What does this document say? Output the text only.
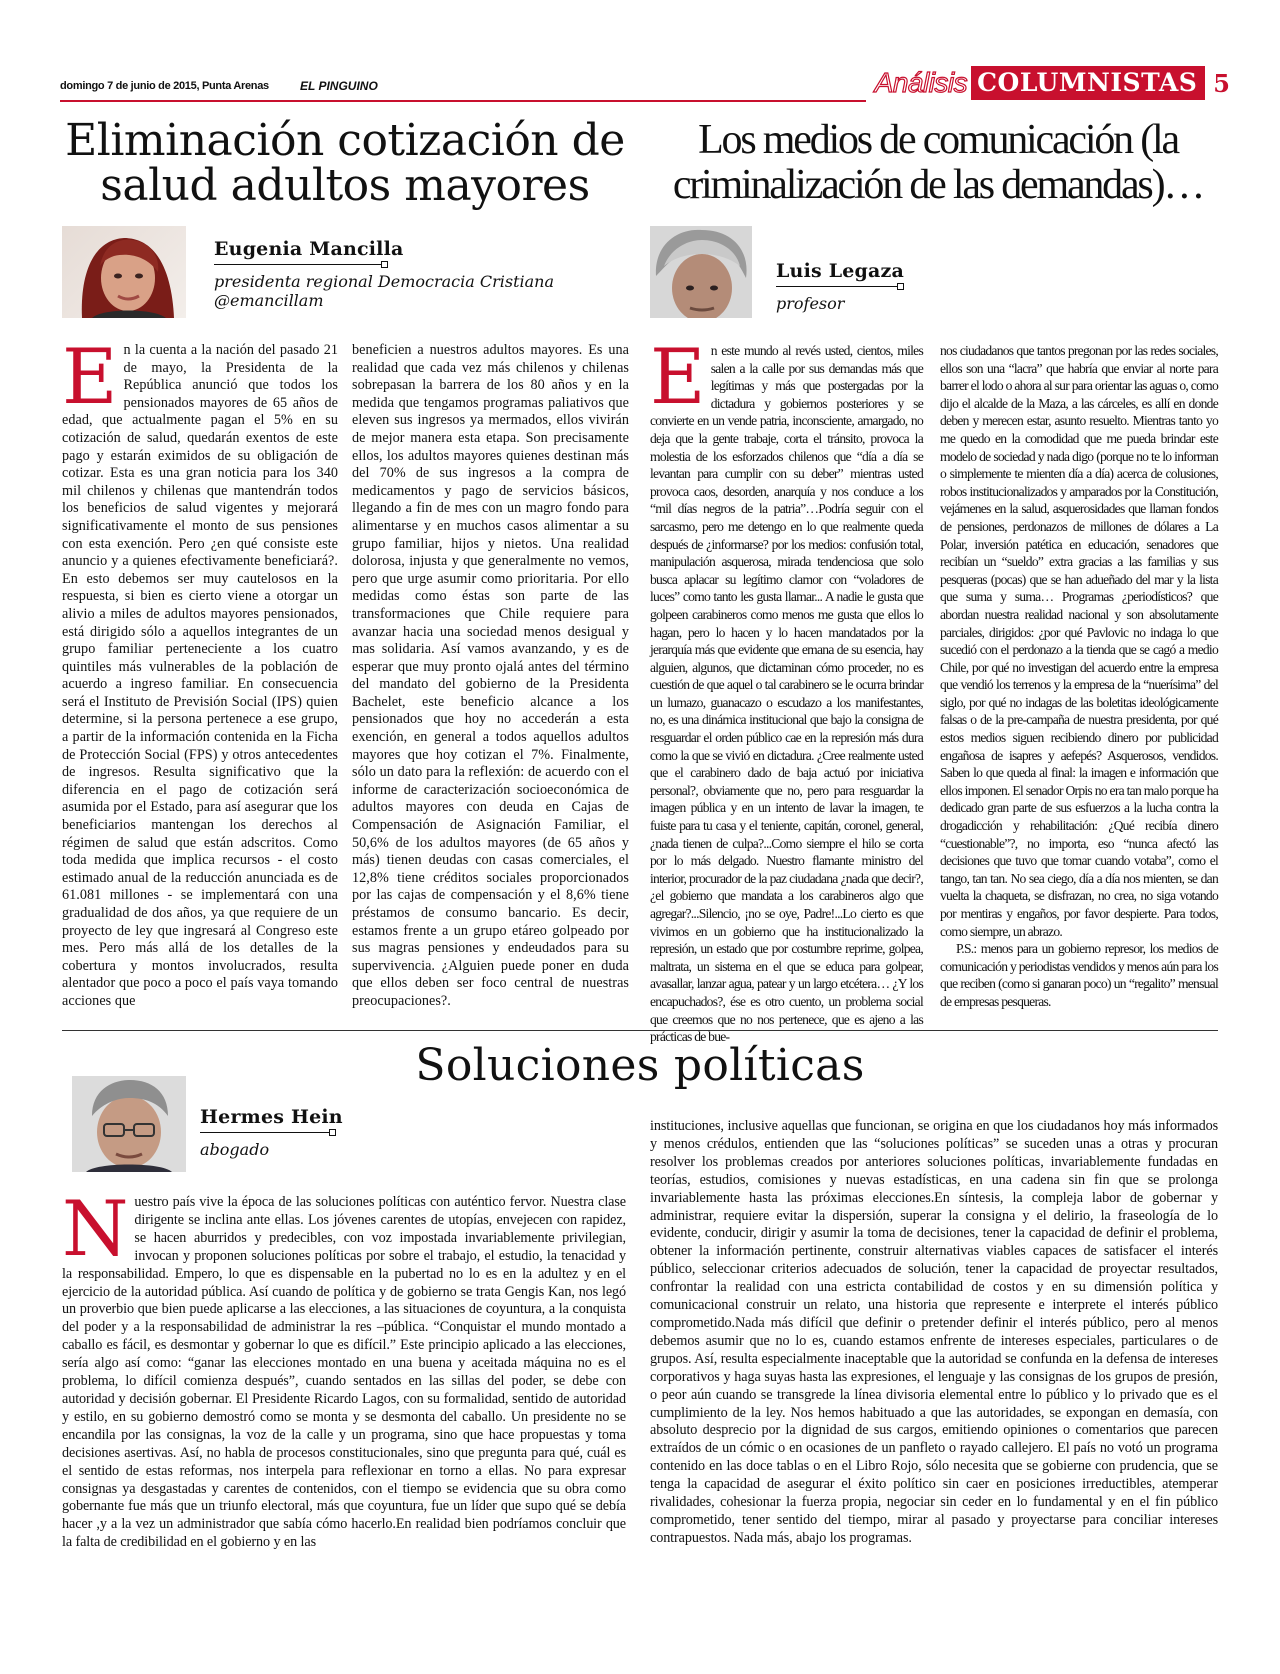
domingo 7 de junio de 2015, Punta Arenas	EL PINGUINO	Análisis COLUMNISTAS 5
Eliminación cotización de
salud adultos mayores
Eugenia Mancilla
presidenta regional Democracia Cristiana
@emancillam

En la cuenta a la nación del pasado 21 de mayo, la Presidenta de la República anunció que todos los pensionados mayores de 65 años de edad, que actualmente pagan el 5% en su cotización de salud, quedarán exentos de este pago y estarán eximidos de su obligación de cotizar. Esta es una gran noticia para los 340 mil chilenos y chilenas que mantendrán todos los beneficios de salud vigentes y mejorará significativamente el monto de sus pensiones con esta exención. Pero ¿en qué consiste este anuncio y a quienes efectivamente beneficiará?. En esto debemos ser muy cautelosos en la respuesta, si bien es cierto viene a otorgar un alivio a miles de adultos mayores pensionados, está dirigido sólo a aquellos integrantes de un grupo familiar perteneciente a los cuatro quintiles más vulnerables de la población de acuerdo a ingreso familiar. En consecuencia será el Instituto de Previsión Social (IPS) quien determine, si la persona pertenece a ese grupo, a partir de la información contenida en la Ficha de Protección Social (FPS) y otros antecedentes de ingresos. Resulta significativo que la diferencia en el pago de cotización será asumida por el Estado, para así asegurar que los beneficiarios mantengan los derechos al régimen de salud que están adscritos. Como toda medida que implica recursos - el costo estimado anual de la reducción anunciada es de 61.081 millones - se implementará con una gradualidad de dos años, ya que requiere de un proyecto de ley que ingresará al Congreso este mes. Pero más allá de los detalles de la cobertura y montos involucrados, resulta alentador que poco a poco el país vaya tomando acciones que

beneficien a nuestros adultos mayores. Es una realidad que cada vez más chilenos y chilenas sobrepasan la barrera de los 80 años y en la medida que tengamos programas paliativos que eleven sus ingresos ya mermados, ellos vivirán de mejor manera esta etapa. Son precisamente ellos, los adultos mayores quienes destinan más del 70% de sus ingresos a la compra de medicamentos y pago de servicios básicos, llegando a fin de mes con un magro fondo para alimentarse y en muchos casos alimentar a su grupo familiar, hijos y nietos. Una realidad dolorosa, injusta y que generalmente no vemos, pero que urge asumir como prioritaria. Por ello medidas como éstas son parte de las transformaciones que Chile requiere para avanzar hacia una sociedad menos desigual y mas solidaria. Así vamos avanzando, y es de esperar que muy pronto ojalá antes del término del mandato del gobierno de la Presidenta Bachelet, este beneficio alcance a los pensionados que hoy no accederán a esta exención, en general a todos aquellos adultos mayores que hoy cotizan el 7%. Finalmente, sólo un dato para la reflexión: de acuerdo con el informe de caracterización socioeconómica de adultos mayores con deuda en Cajas de Compensación de Asignación Familiar, el 50,6% de los adultos mayores (de 65 años y más) tienen deudas con casas comerciales, el 12,8% tiene créditos sociales proporcionados por las cajas de compensación y el 8,6% tiene préstamos de consumo bancario. Es decir, estamos frente a un grupo etáreo golpeado por sus magras pensiones y endeudados para su supervivencia. ¿Alguien puede poner en duda que ellos deben ser foco central de nuestras preocupaciones?.

Los medios de comunicación (la
criminalización de las demandas)…
Luis Legaza
profesor

En este mundo al revés usted, cientos, miles salen a la calle por sus demandas más que legítimas y más que postergadas por la dictadura y gobiernos posteriores y se convierte en un vende patria, inconsciente, amargado, no deja que la gente trabaje, corta el tránsito, provoca la molestia de los esforzados chilenos que “día a día se levantan para cumplir con su deber” mientras usted provoca caos, desorden, anarquía y nos conduce a los “mil días negros de la patria”…Podría seguir con el sarcasmo, pero me detengo en lo que realmente queda después de ¿informarse? por los medios: confusión total, manipulación asquerosa, mirada tendenciosa que solo busca aplacar su legítimo clamor con “voladores de luces” como tanto les gusta llamar... A nadie le gusta que golpeen carabineros como menos me gusta que ellos lo hagan, pero lo hacen y lo hacen mandatados por la jerarquía más que evidente que emana de su esencia, hay alguien, algunos, que dictaminan cómo proceder, no es cuestión de que aquel o tal carabinero se le ocurra brindar un lumazo, guanacazo o escudazo a los manifestantes, no, es una dinámica institucional que bajo la consigna de resguardar el orden público cae en la represión más dura como la que se vivió en dictadura. ¿Cree realmente usted que el carabinero dado de baja actuó por iniciativa personal?, obviamente que no, pero para resguardar la imagen pública y en un intento de lavar la imagen, te fuiste para tu casa y el teniente, capitán, coronel, general, ¿nada tienen de culpa?...Como siempre el hilo se corta por lo más delgado. Nuestro flamante ministro del interior, procurador de la paz ciudadana ¿nada que decir?, ¿el gobierno que mandata a los carabineros algo que agregar?...Silencio, ¡no se oye, Padre!...Lo cierto es que vivimos en un gobierno que ha institucionalizado la represión, un estado que por costumbre reprime, golpea, maltrata, un sistema en el que se educa para golpear, avasallar, lanzar agua, patear y un largo etcétera… ¿Y los encapuchados?, ése es otro cuento, un problema social que creemos que no nos pertenece, que es ajeno a las prácticas de bue-

nos ciudadanos que tantos pregonan por las redes sociales, ellos son una “lacra” que habría que enviar al norte para barrer el lodo o ahora al sur para orientar las aguas o, como dijo el alcalde de la Maza, a las cárceles, es allí en donde deben y merecen estar, asunto resuelto. Mientras tanto yo me quedo en la comodidad que me pueda brindar este modelo de sociedad y nada digo (porque no te lo informan o simplemente te mienten día a día) acerca de colusiones, robos institucionalizados y amparados por la Constitución, vejámenes en la salud, asquerosidades que llaman fondos de pensiones, perdonazos de millones de dólares a La Polar, inversión patética en educación, senadores que recibían un “sueldo” extra gracias a las familias y sus pesqueras (pocas) que se han adueñado del mar y la lista que suma y suma… Programas ¿periodísticos? que abordan nuestra realidad nacional y son absolutamente parciales, dirigidos: ¿por qué Pavlovic no indaga lo que sucedió con el perdonazo a la tienda que se cagó a medio Chile, por qué no investigan del acuerdo entre la empresa que vendió los terrenos y la empresa de la “nuerísima” del siglo, por qué no indagas de las boletitas ideológicamente falsas o de la pre-campaña de nuestra presidenta, por qué estos medios siguen recibiendo dinero por publicidad engañosa de isapres y aefepés? Asquerosos, vendidos. Saben lo que queda al final: la imagen e información que ellos imponen. El senador Orpis no era tan malo porque ha dedicado gran parte de sus esfuerzos a la lucha contra la drogadicción y rehabilitación: ¿Qué recibía dinero “cuestionable”?, no importa, eso “nunca afectó las decisiones que tuvo que tomar cuando votaba”, como el tango, tan tan. No sea ciego, día a día nos mienten, se dan vuelta la chaqueta, se disfrazan, no crea, no siga votando por mentiras y engaños, por favor despierte. Para todos, como siempre, un abrazo.
P.S.: menos para un gobierno represor, los medios de comunicación y periodistas vendidos y menos aún para los que reciben (como si ganaran poco) un “regalito” mensual de empresas pesqueras.

Soluciones políticas
Hermes Hein
abogado

Nuestro país vive la época de las soluciones políticas con auténtico fervor. Nuestra clase dirigente se inclina ante ellas. Los jóvenes carentes de utopías, envejecen con rapidez, se hacen aburridos y predecibles, con voz impostada invariablemente privilegian, invocan y proponen soluciones políticas por sobre el trabajo, el estudio, la tenacidad y la responsabilidad. Empero, lo que es dispensable en la pubertad no lo es en la adultez y en el ejercicio de la autoridad pública. Así cuando de política y de gobierno se trata Gengis Kan, nos legó un proverbio que bien puede aplicarse a las elecciones, a las situaciones de coyuntura, a la conquista del poder y a la responsabilidad de administrar la res –pública. “Conquistar el mundo montado a caballo es fácil, es desmontar y gobernar lo que es difícil.” Este principio aplicado a las elecciones, sería algo así como: “ganar las elecciones montado en una buena y aceitada máquina no es el problema, lo difícil comienza después”, cuando sentados en las sillas del poder, se debe con autoridad y decisión gobernar. El Presidente Ricardo Lagos, con su formalidad, sentido de autoridad y estilo, en su gobierno demostró como se monta y se desmonta del caballo. Un presidente no se encandila por las consignas, la voz de la calle y un programa, sino que hace propuestas y toma decisiones asertivas. Así, no habla de procesos constitucionales, sino que pregunta para qué, cuál es el sentido de estas reformas, nos interpela para reflexionar en torno a ellas. No para expresar consignas ya desgastadas y carentes de contenidos, con el tiempo se evidencia que su obra como gobernante fue más que un triunfo electoral, más que coyuntura, fue un líder que supo qué se debía hacer ,y a la vez un administrador que sabía cómo hacerlo.En realidad bien podríamos concluir que la falta de credibilidad en el gobierno y en las

instituciones, inclusive aquellas que funcionan, se origina en que los ciudadanos hoy más informados y menos crédulos, entienden que las “soluciones políticas” se suceden unas a otras y procuran resolver los problemas creados por anteriores soluciones políticas, invariablemente fundadas en teorías, estudios, comisiones y nuevas estadísticas, en una cadena sin fin que se prolonga invariablemente hasta las próximas elecciones.En síntesis, la compleja labor de gobernar y administrar, requiere evitar la dispersión, superar la consigna y el delirio, la fraseología de lo evidente, conducir, dirigir y asumir la toma de decisiones, tener la capacidad de definir el problema, obtener la información pertinente, construir alternativas viables capaces de satisfacer el interés público, seleccionar criterios adecuados de solución, tener la capacidad de proyectar resultados, confrontar la realidad con una estricta contabilidad de costos y en su dimensión política y comunicacional construir un relato, una historia que represente e interprete el interés público comprometido.Nada más difícil que definir o pretender definir el interés público, pero al menos debemos asumir que no lo es, cuando estamos enfrente de intereses especiales, particulares o de grupos. Así, resulta especialmente inaceptable que la autoridad se confunda en la defensa de intereses corporativos y haga suyas hasta las expresiones, el lenguaje y las consignas de los grupos de presión, o peor aún cuando se transgrede la línea divisoria elemental entre lo público y lo privado que es el cumplimiento de la ley. Nos hemos habituado a que las autoridades, se expongan en demasía, con absoluto desprecio por la dignidad de sus cargos, emitiendo opiniones o comentarios que parecen extraídos de un cómic o en ocasiones de un panfleto o rayado callejero. El país no votó un programa contenido en las doce tablas o en el Libro Rojo, sólo necesita que se gobierne con prudencia, que se tenga la capacidad de asegurar el éxito político sin caer en posiciones irreductibles, atemperar rivalidades, cohesionar la fuerza propia, negociar sin ceder en lo fundamental y en el fin público comprometido, tener sentido del tiempo, mirar al pasado y proyectarse para conciliar intereses contrapuestos. Nada más, abajo los programas.
